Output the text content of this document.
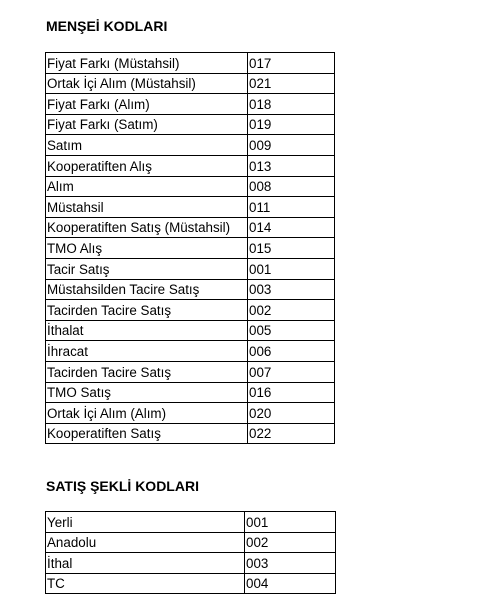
MENŞEİ KODLARI
Fiyat Farkı (Müstahsil)	017
Ortak İçi Alım (Müstahsil)	021
Fiyat Farkı (Alım)	018
Fiyat Farkı (Satım)	019
Satım	009
Kooperatiften Alış	013
Alım	008
Müstahsil	011
Kooperatiften Satış (Müstahsil)	014
TMO Alış	015
Tacir Satış	001
Müstahsilden Tacire Satış	003
Tacirden Tacire Satış	002
İthalat	005
İhracat	006
Tacirden Tacire Satış	007
TMO Satış	016
Ortak İçi Alım (Alım)	020
Kooperatiften Satış	022
SATIŞ ŞEKLİ KODLARI
Yerli	001
Anadolu	002
İthal	003
TC	004
